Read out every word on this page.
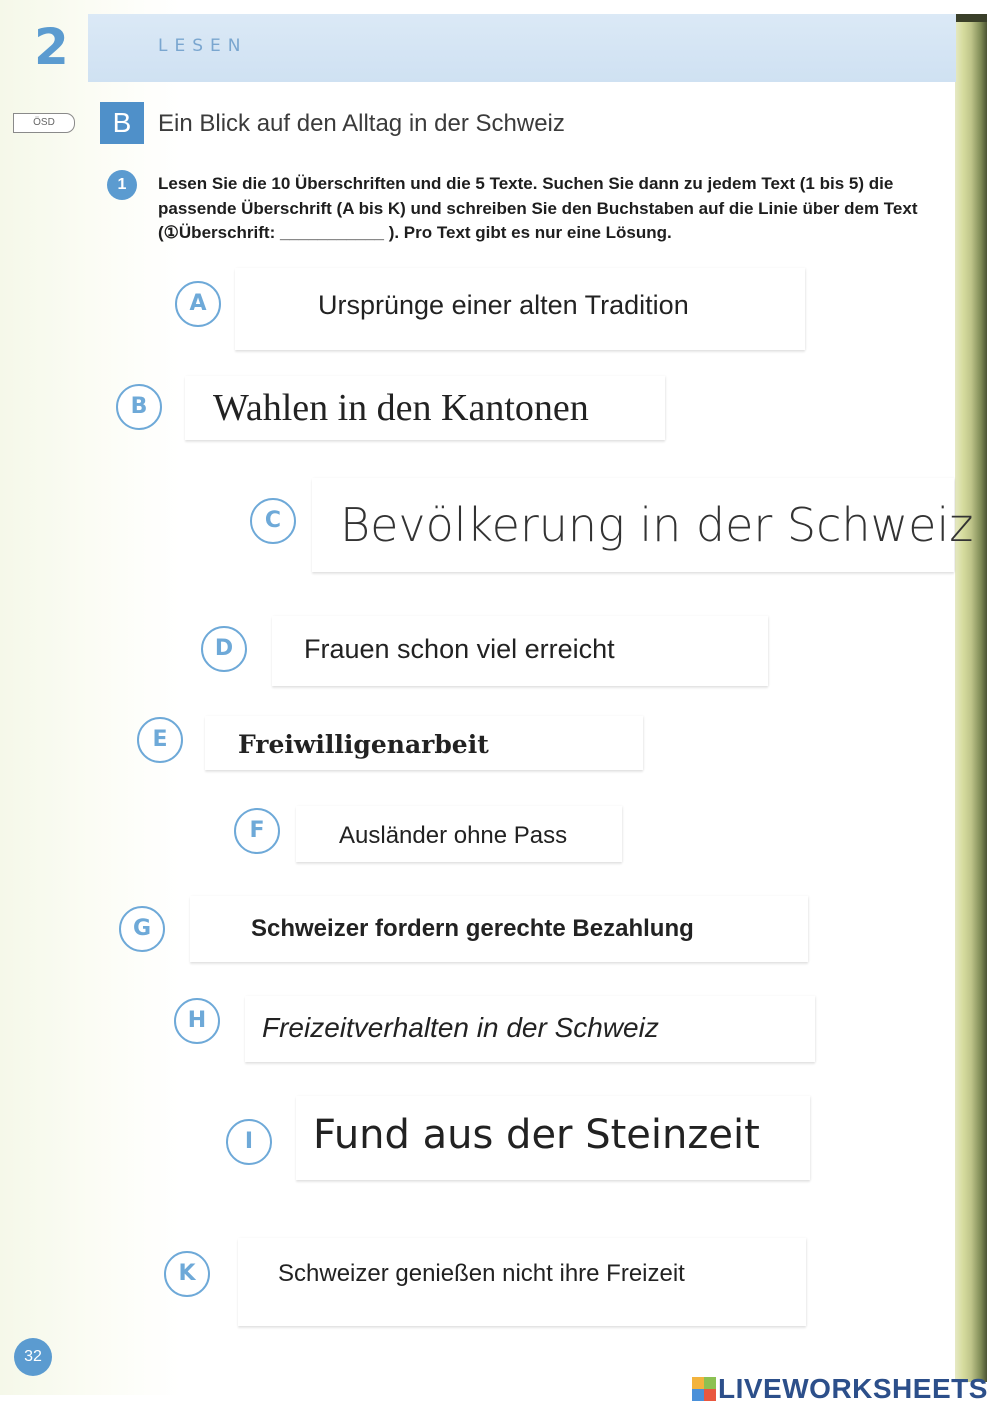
2	LESEN
ÖSD	B	Ein Blick auf den Alltag in der Schweiz
1	Lesen Sie die 10 Überschriften und die 5 Texte. Suchen Sie dann zu jedem Text (1 bis 5) die passende Überschrift (A bis K) und schreiben Sie den Buchstaben auf die Linie über dem Text (①Überschrift: ___________ ). Pro Text gibt es nur eine Lösung.
A	Ursprünge einer alten Tradition
B	Wahlen in den Kantonen
C	Bevölkerung in der Schweiz
D	Frauen schon viel erreicht
E	Freiwilligenarbeit
F	Ausländer ohne Pass
G	Schweizer fordern gerechte Bezahlung
H	Freizeitverhalten in der Schweiz
I	Fund aus der Steinzeit
K	Schweizer genießen nicht ihre Freizeit
32
LIVEWORKSHEETS
